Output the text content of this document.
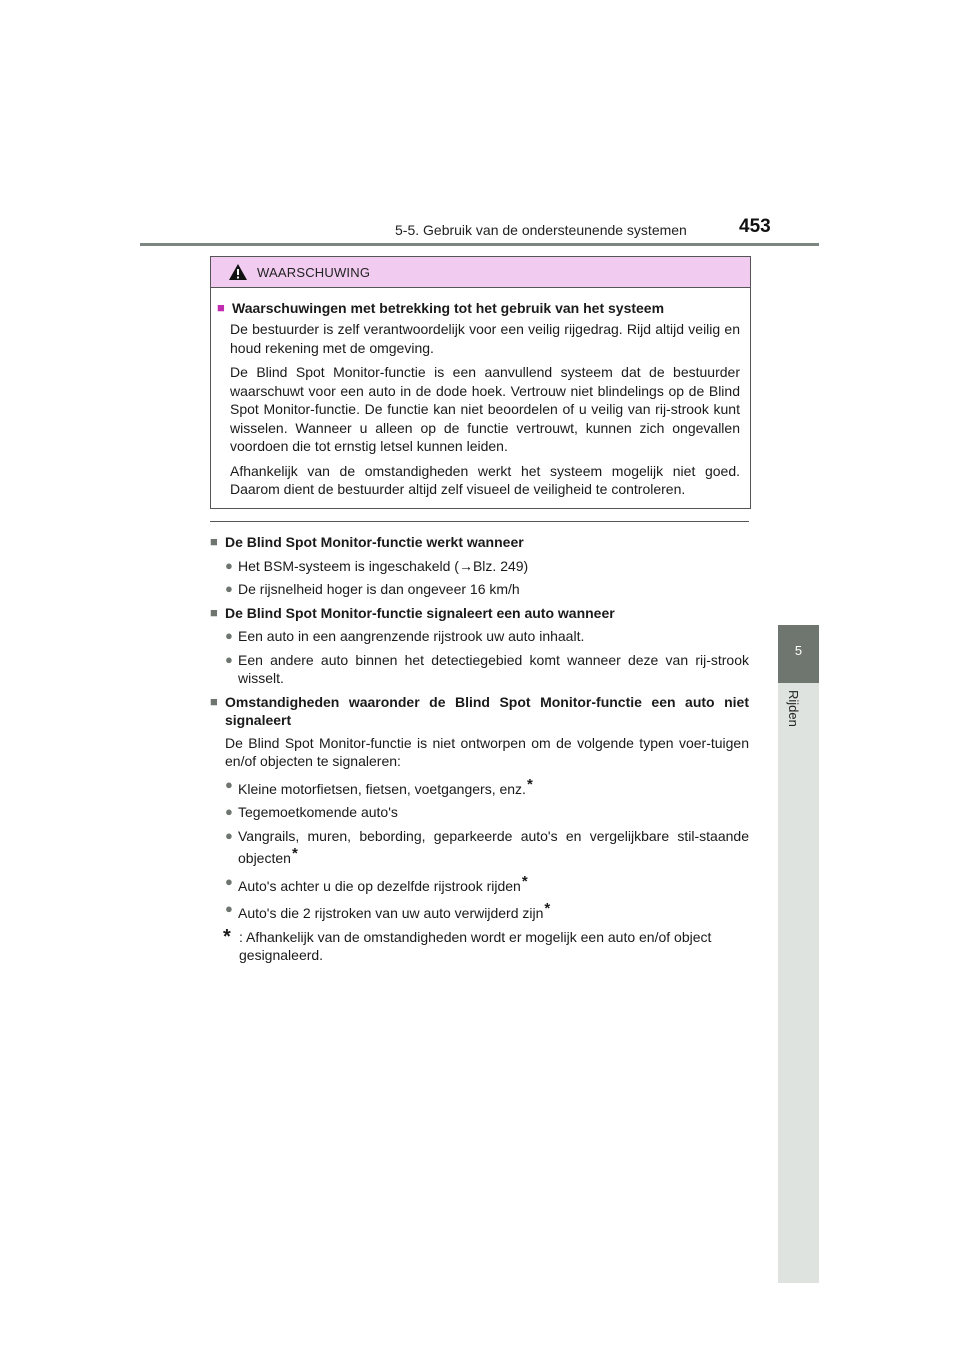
5-5. Gebruik van de ondersteunende systemen	453
5
Rijden
WAARSCHUWING
■ Waarschuwingen met betrekking tot het gebruik van het systeem

De bestuurder is zelf verantwoordelijk voor een veilig rijgedrag. Rijd altijd veilig en houd rekening met de omgeving.

De Blind Spot Monitor-functie is een aanvullend systeem dat de bestuurder waarschuwt voor een auto in de dode hoek. Vertrouw niet blindelings op de Blind Spot Monitor-functie. De functie kan niet beoordelen of u veilig van rij-strook kunt wisselen. Wanneer u alleen op de functie vertrouwt, kunnen zich ongevallen voordoen die tot ernstig letsel kunnen leiden.

Afhankelijk van de omstandigheden werkt het systeem mogelijk niet goed. Daarom dient de bestuurder altijd zelf visueel de veiligheid te controleren.

■ De Blind Spot Monitor-functie werkt wanneer
● Het BSM-systeem is ingeschakeld (→Blz. 249)
● De rijsnelheid hoger is dan ongeveer 16 km/h
■ De Blind Spot Monitor-functie signaleert een auto wanneer
● Een auto in een aangrenzende rijstrook uw auto inhaalt.
● Een andere auto binnen het detectiegebied komt wanneer deze van rij-strook wisselt.
■ Omstandigheden waaronder de Blind Spot Monitor-functie een auto niet signaleert

De Blind Spot Monitor-functie is niet ontworpen om de volgende typen voer-tuigen en/of objecten te signaleren:

● Kleine motorfietsen, fietsen, voetgangers, enz.*
● Tegemoetkomende auto's
● Vangrails, muren, bebording, geparkeerde auto's en vergelijkbare stil-staande objecten*
● Auto's achter u die op dezelfde rijstrook rijden*
● Auto's die 2 rijstroken van uw auto verwijderd zijn*
* : Afhankelijk van de omstandigheden wordt er mogelijk een auto en/of object gesignaleerd.
